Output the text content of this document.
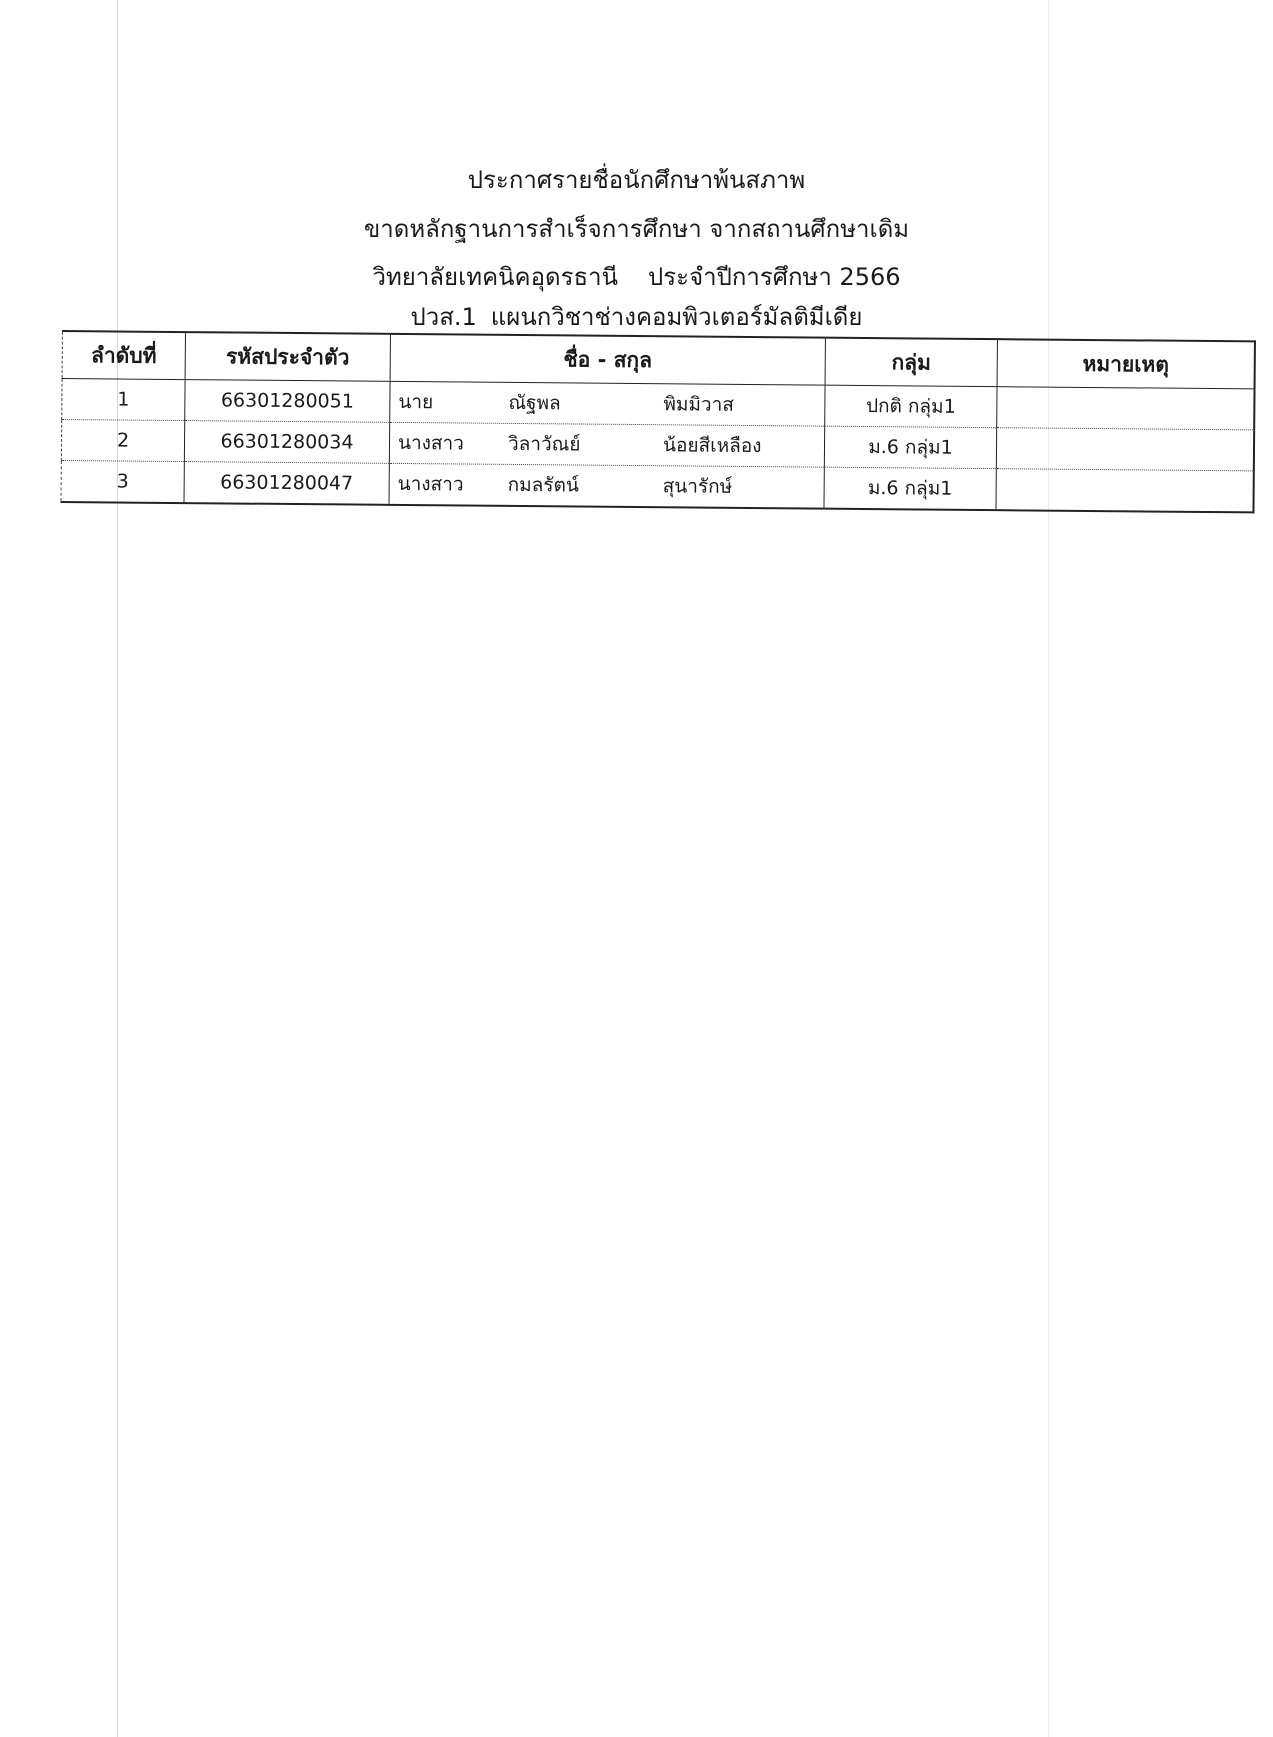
ประกาศรายชื่อนักศึกษาพ้นสภาพ
ขาดหลักฐานการสำเร็จการศึกษา จากสถานศึกษาเดิม
วิทยาลัยเทคนิคอุดรธานี ประจำปีการศึกษา 2566
ปวส.1 แผนกวิชาช่างคอมพิวเตอร์มัลติมีเดีย
ลำดับที่	รหัสประจำตัว	ชื่อ - สกุล	กลุ่ม	หมายเหตุ
1	66301280051	นาย ณัฐพล พิมมิวาส	ปกติ กลุ่ม1	
2	66301280034	นางสาว วิลาวัณย์ น้อยสีเหลือง	ม.6 กลุ่ม1	
3	66301280047	นางสาว กมลรัตน์ สุนารักษ์	ม.6 กลุ่ม1	
